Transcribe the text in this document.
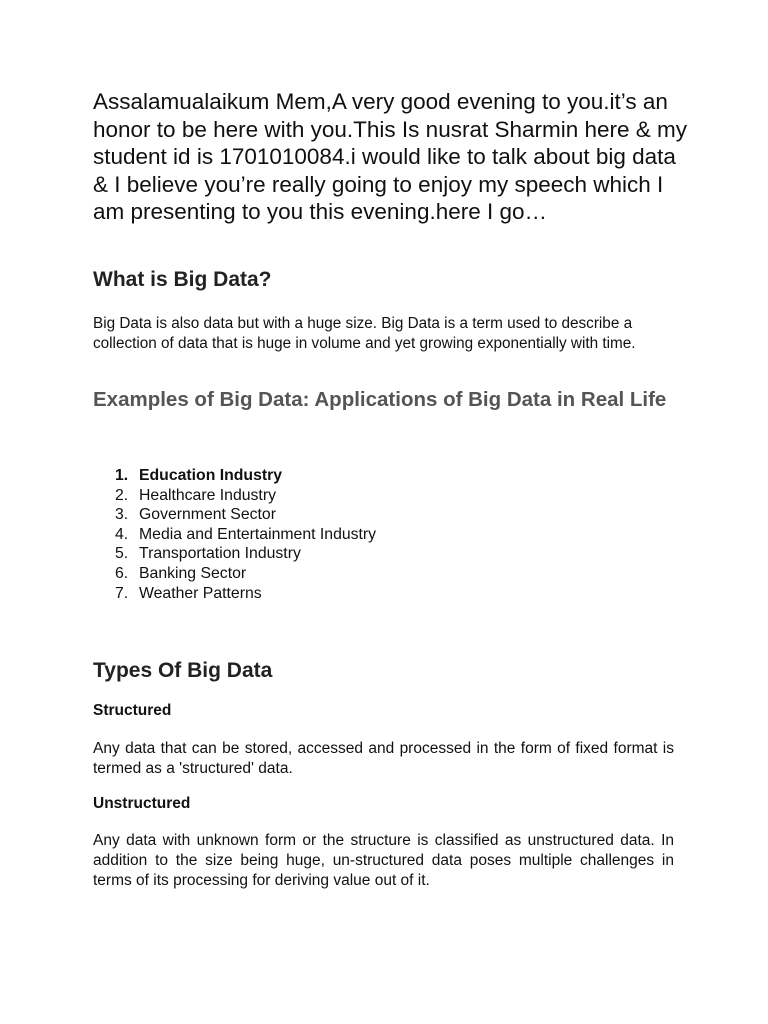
Assalamualaikum Mem,A very good evening to you.it’s an honor to be here with you.This Is nusrat Sharmin here & my student id is 1701010084.i would like to talk about big data & I believe you’re really going to enjoy my speech which I am presenting to you this evening.here I go…

What is Big Data?

Big Data is also data but with a huge size. Big Data is a term used to describe a collection of data that is huge in volume and yet growing exponentially with time.

Examples of Big Data: Applications of Big Data in Real Life
1. Education Industry
2. Healthcare Industry
3. Government Sector
4. Media and Entertainment Industry
5. Transportation Industry
6. Banking Sector
7. Weather Patterns
Types Of Big Data
Structured

Any data that can be stored, accessed and processed in the form of fixed format is termed as a 'structured' data.

Unstructured

Any data with unknown form or the structure is classified as unstructured data. In addition to the size being huge, un-structured data poses multiple challenges in terms of its processing for deriving value out of it.
